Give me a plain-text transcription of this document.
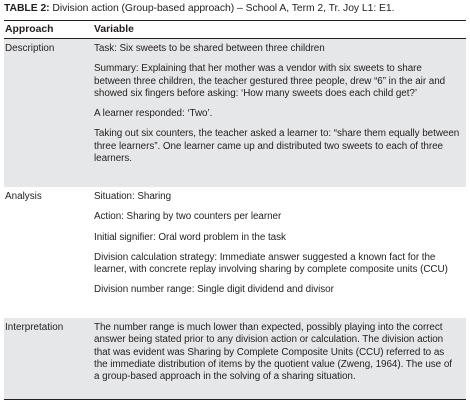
TABLE 2: Division action (Group-based approach) – School A, Term 2, Tr. Joy L1: E1.
Approach	Variable
Description	Task: Six sweets to be shared between three children

Summary: Explaining that her mother was a vendor with six sweets to share between three children, the teacher gestured three people, drew “6” in the air and showed six fingers before asking: ‘How many sweets does each child get?’

A learner responded: ‘Two’.

Taking out six counters, the teacher asked a learner to: “share them equally between three learners”. One learner came up and distributed two sweets to each of three learners.

Analysis	Situation: Sharing

Action: Sharing by two counters per learner

Initial signifier: Oral word problem in the task

Division calculation strategy: Immediate answer suggested a known fact for the learner, with concrete replay involving sharing by complete composite units (CCU)

Division number range: Single digit dividend and divisor

Interpretation	The number range is much lower than expected, possibly playing into the correct answer being stated prior to any division action or calculation. The division action that was evident was Sharing by Complete Composite Units (CCU) referred to as the immediate distribution of items by the quotient value (Zweng, 1964). The use of a group-based approach in the solving of a sharing situation.
